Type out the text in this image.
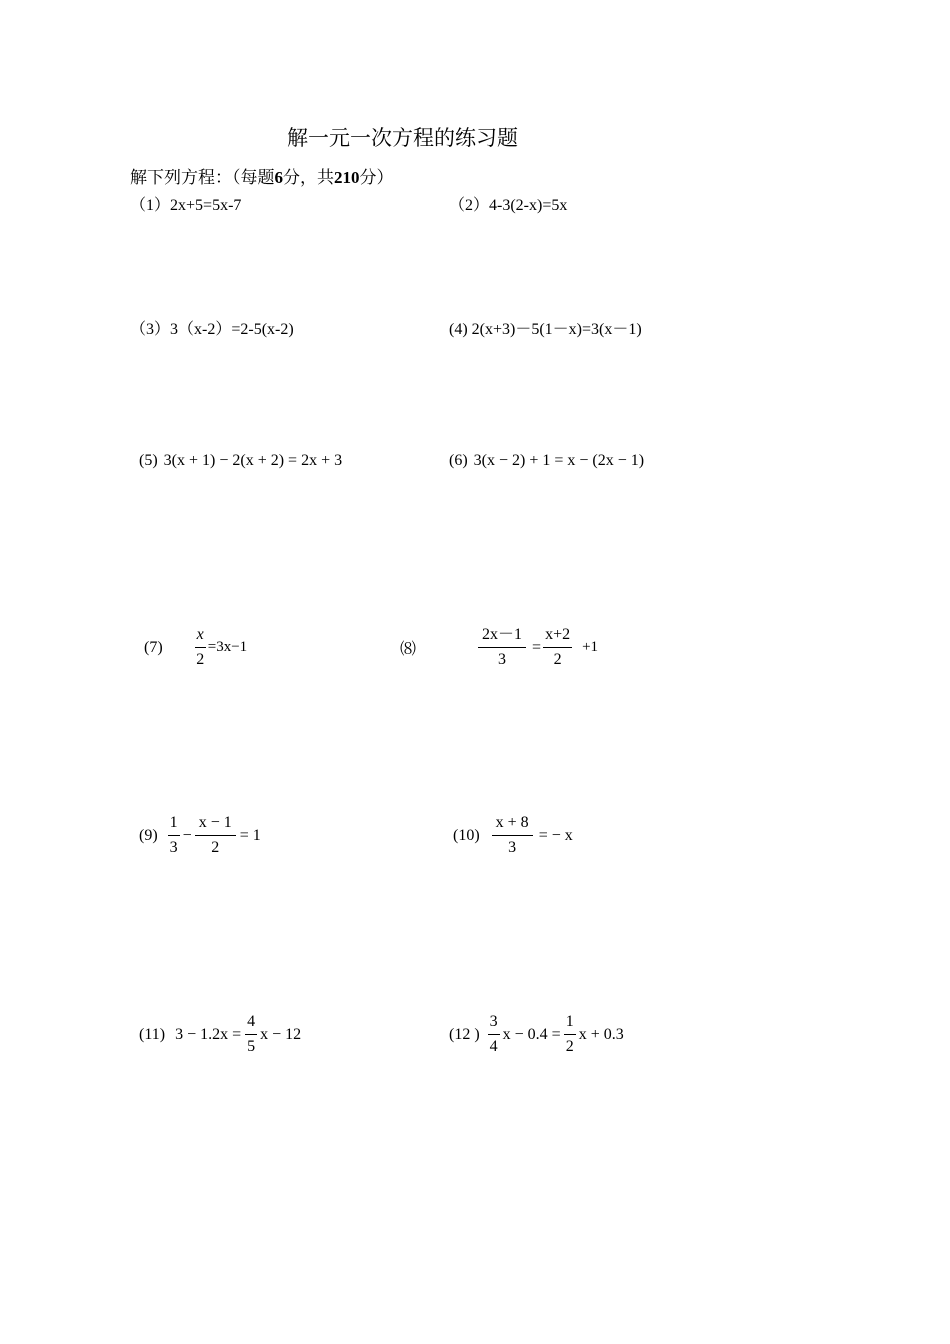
解一元一次方程的练习题
解下列方程：（每题6分，共210分）
（1）2x+5=5x-7	（2）4-3(2-x)=5x
（3）3（x-2）=2-5(x-2)	(4) 2(x+3)－5(1－x)=3(x－1)
(5) 3(x + 1) − 2(x + 2) = 2x + 3	(6) 3(x − 2) + 1 = x − (2x − 1)
$(7) \frac{x}{2} =3x-1$	⑻	$\frac{2x-1}{3} = \frac{x+2}{2} +1$
$(9) \frac{1}{3} - \frac{x - 1}{2} = 1$	$(10) \frac{x + 8}{3}$ = − x
(11) $3 - 1.2x = \frac{4}{5}$ x − 12	(12 ) $\frac{3}{4}$ $x - 0.4 = \frac{1}{2}$ x + 0.3
